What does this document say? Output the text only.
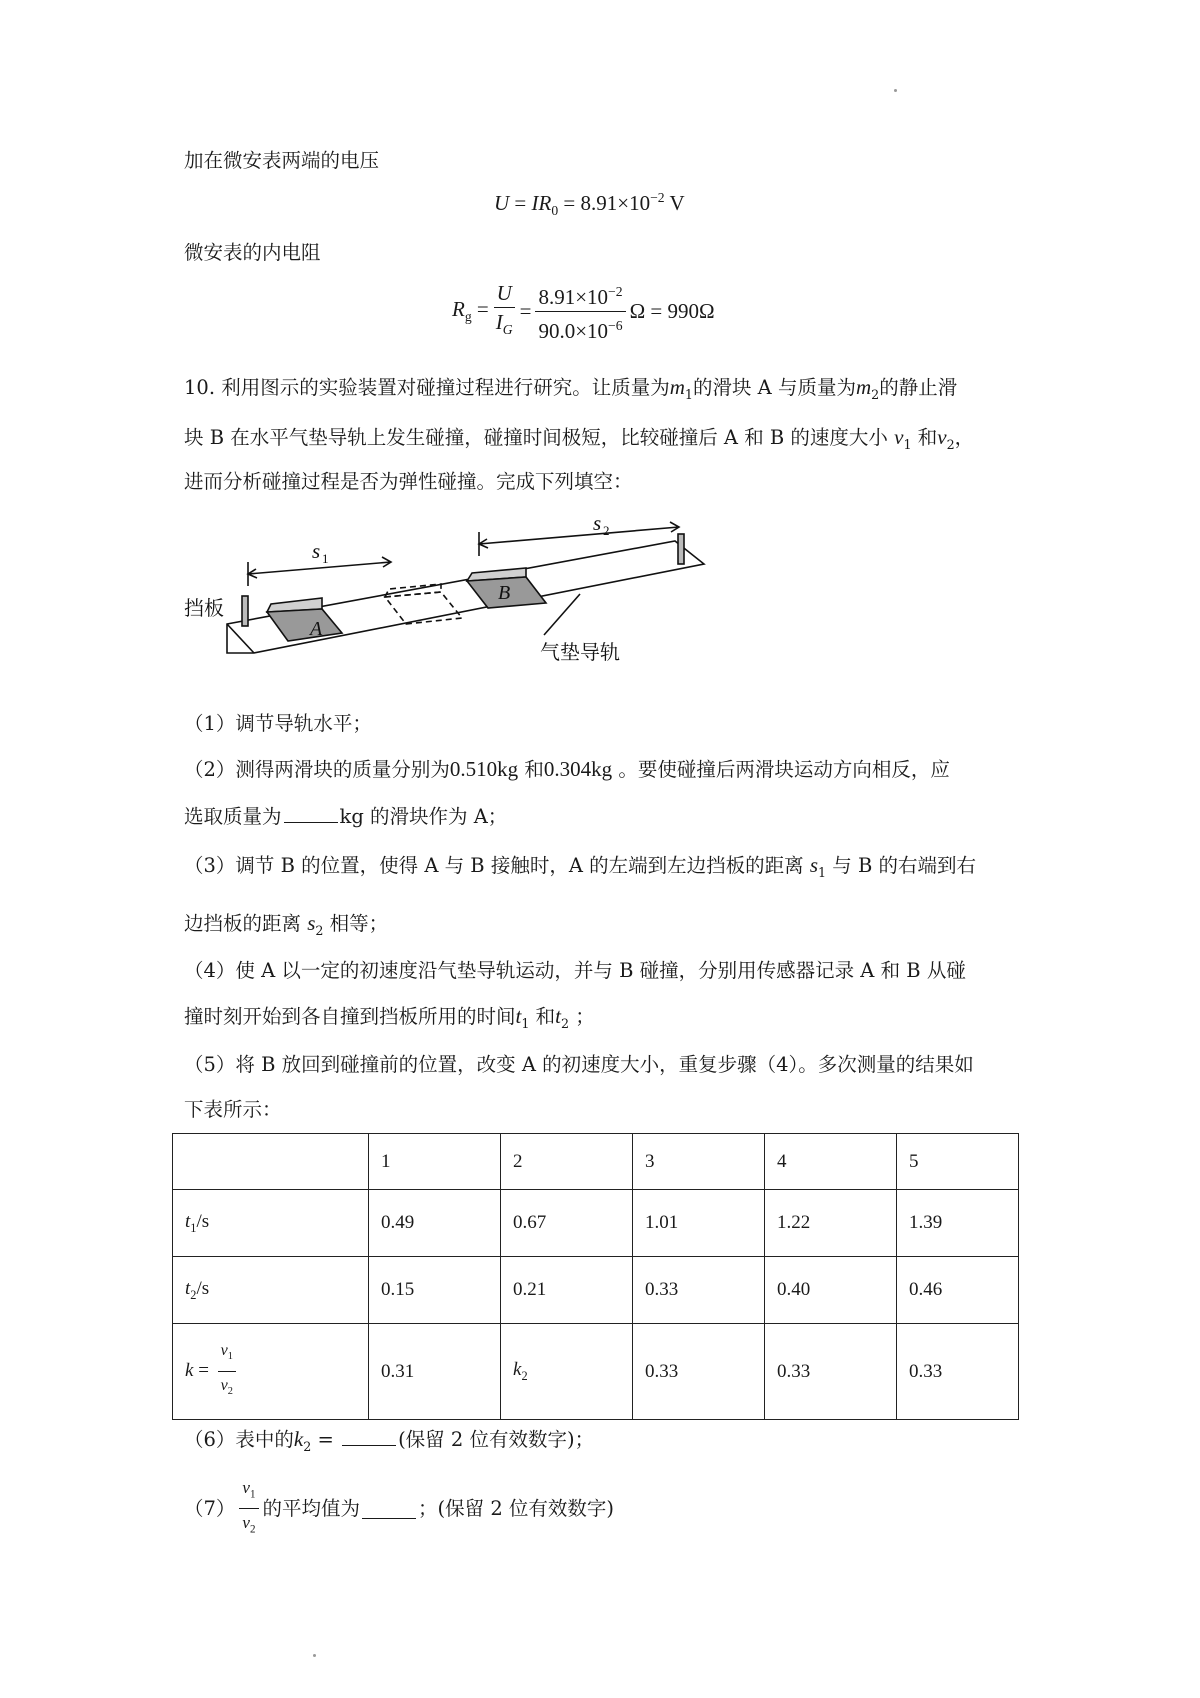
加在微安表两端的电压
$U = IR_0 = 8.91\times 10^{-2}$ V
微安表的内电阻
$R_g = \frac{U}{I_G} = \frac{8.91\times 10^{-2}}{90.0\times 10^{-6}}$ Ω = 990Ω
10. 利用图示的实验装置对碰撞过程进行研究。让质量为$m_1$的滑块 A 与质量为$m_2$的静止滑
块 B 在水平气垫导轨上发生碰撞，碰撞时间极短，比较碰撞后 A 和 B 的速度大小 $v_1$ 和$v_2$，
进而分析碰撞过程是否为弹性碰撞。完成下列填空：
挡板
气垫导轨
A
B
s 1
s 2
（1）调节导轨水平；
（2）测得两滑块的质量分别为0.510kg 和0.304kg 。要使碰撞后两滑块运动方向相反，应
选取质量为	kg 的滑块作为 A；
（3）调节 B 的位置，使得 A 与 B 接触时，A 的左端到左边挡板的距离 $s_1$ 与 B 的右端到右
边挡板的距离 $s_2$ 相等；
（4）使 A 以一定的初速度沿气垫导轨运动，并与 B 碰撞，分别用传感器记录 A 和 B 从碰
撞时刻开始到各自撞到挡板所用的时间$t_1$ 和$t_2$ ；
（5）将 B 放回到碰撞前的位置，改变 A 的初速度大小，重复步骤（4）。多次测量的结果如
下表所示：
	1	2	3	4	5
$t_1/s$	0.49	0.67	1.01	1.22	1.39
$t_2/s$	0.15	0.21	0.33	0.40	0.46
$k = \frac{v_1}{v_2}$	0.31	$k_2$	0.33	0.33	0.33
（6）表中的$k_2$ =	(保留 2 位有效数字)；
$(7) \frac{v_1}{v_2}$ 的平均值为	；(保留 2 位有效数字)
